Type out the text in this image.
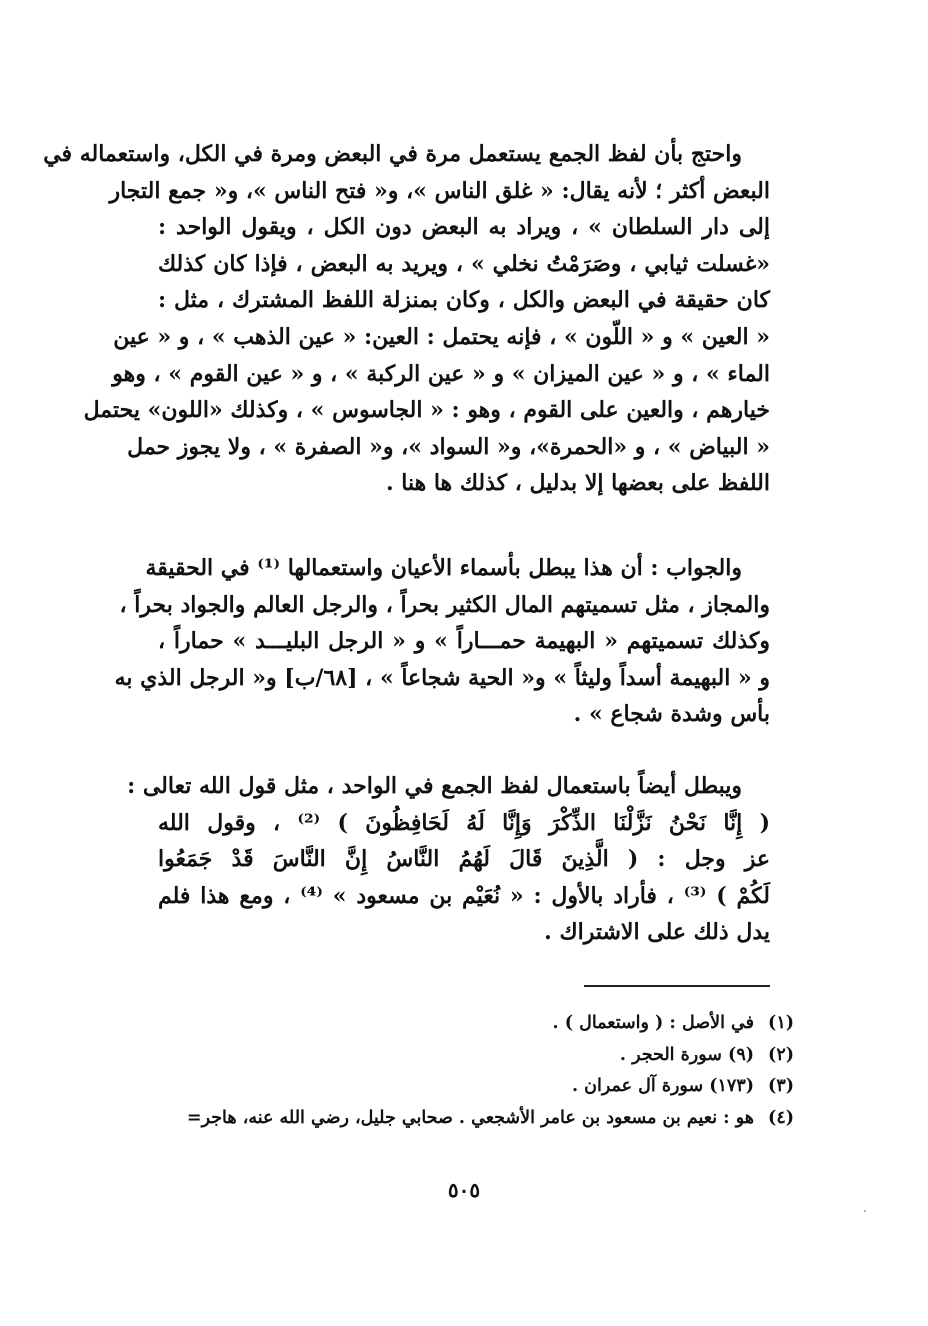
واحتج بأن لفظ الجمع يستعمل مرة في البعض ومرة في الكل، واستعماله في
البعض أكثر ؛ لأنه يقال: « غلق الناس »، و« فتح الناس »، و« جمع التجار
إلى دار السلطان » ، ويراد به البعض دون الكل ، ويقول الواحد :
«غسلت ثيابي ، وصَرَمْتُ نخلي » ، ويريد به البعض ، فإذا كان كذلك
كان حقيقة في البعض والكل ، وكان بمنزلة اللفظ المشترك ، مثل :
« العين » و « اللّون » ، فإنه يحتمل : العين: « عين الذهب » ، و « عين
الماء » ، و « عين الميزان » و « عين الركبة » ، و « عين القوم » ، وهو
خيارهم ، والعين على القوم ، وهو : « الجاسوس » ، وكذلك «اللون» يحتمل
« البياض » ، و «الحمرة»، و« السواد »، و« الصفرة » ، ولا يجوز حمل
اللفظ على بعضها إلا بدليل ، كذلك ها هنا .
والجواب : أن هذا يبطل بأسماء الأعيان واستعمالها ⁽¹⁾ في الحقيقة
والمجاز ، مثل تسميتهم المال الكثير بحراً ، والرجل العالم والجواد بحراً ،
وكذلك تسميتهم « البهيمة حمـــاراً » و « الرجل البليـــد » حماراً ،
و « البهيمة أسداً وليثاً » و« الحية شجاعاً » ، [٦٨/ب] و« الرجل الذي به
بأس وشدة شجاع » .
ويبطل أيضاً باستعمال لفظ الجمع في الواحد ، مثل قول الله تعالى :
( إِنَّا نَحْنُ نَزَّلْنَا الذِّكْرَ وَإِنَّا لَهُ لَحَافِظُونَ ) ⁽²⁾ ، وقول الله
عز وجل : ( الَّذِينَ قَالَ لَهُمُ النَّاسُ إِنَّ النَّاسَ قَدْ جَمَعُوا
لَكُمْ ) ⁽³⁾ ، فأراد بالأول : « نُعَيْم بن مسعود » ⁽⁴⁾ ، ومع هذا فلم
يدل ذلك على الاشتراك .
(١)
في الأصل : ( واستعمال ) .
(٢)
(٩) سورة الحجر .
(٣)
(١٧٣) سورة آل عمران .
(٤)
هو : نعيم بن مسعود بن عامر الأشجعي . صحابي جليل، رضي الله عنه، هاجر=
٥٠٥
